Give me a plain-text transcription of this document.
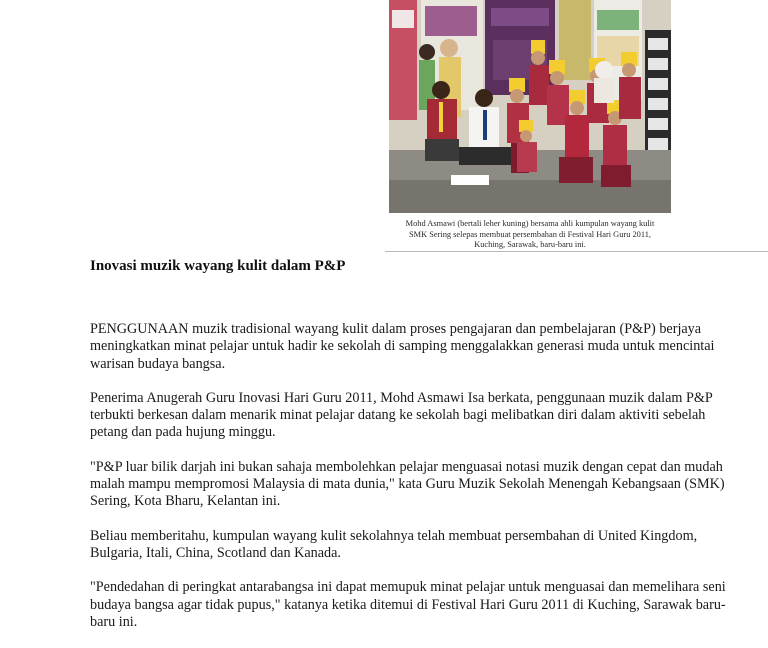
Mohd Asmawi (bertali leher kuning) bersama ahli kumpulan wayang kulit
SMK Sering selepas membuat persembahan di Festival Hari Guru 2011,
Kuching, Sarawak, baru-baru ini.
Inovasi muzik wayang kulit dalam P&P

PENGGUNAAN muzik tradisional wayang kulit dalam proses pengajaran dan pembelajaran (P&P) berjaya meningkatkan minat pelajar untuk hadir ke sekolah di samping menggalakkan generasi muda untuk mencintai warisan budaya bangsa.

Penerima Anugerah Guru Inovasi Hari Guru 2011, Mohd Asmawi Isa berkata, penggunaan muzik dalam P&P terbukti berkesan dalam menarik minat pelajar datang ke sekolah bagi melibatkan diri dalam aktiviti sebelah petang dan pada hujung minggu.

"P&P luar bilik darjah ini bukan sahaja membolehkan pelajar menguasai notasi muzik dengan cepat dan mudah malah mampu mempromosi Malaysia di mata dunia," kata Guru Muzik Sekolah Menengah Kebangsaan (SMK) Sering, Kota Bharu, Kelantan ini.

Beliau memberitahu, kumpulan wayang kulit sekolahnya telah membuat persembahan di United Kingdom, Bulgaria, Itali, China, Scotland dan Kanada.

"Pendedahan di peringkat antarabangsa ini dapat memupuk minat pelajar untuk menguasai dan memelihara seni budaya bangsa agar tidak pupus," katanya ketika ditemui di Festival Hari Guru 2011 di Kuching, Sarawak baru-baru ini.
